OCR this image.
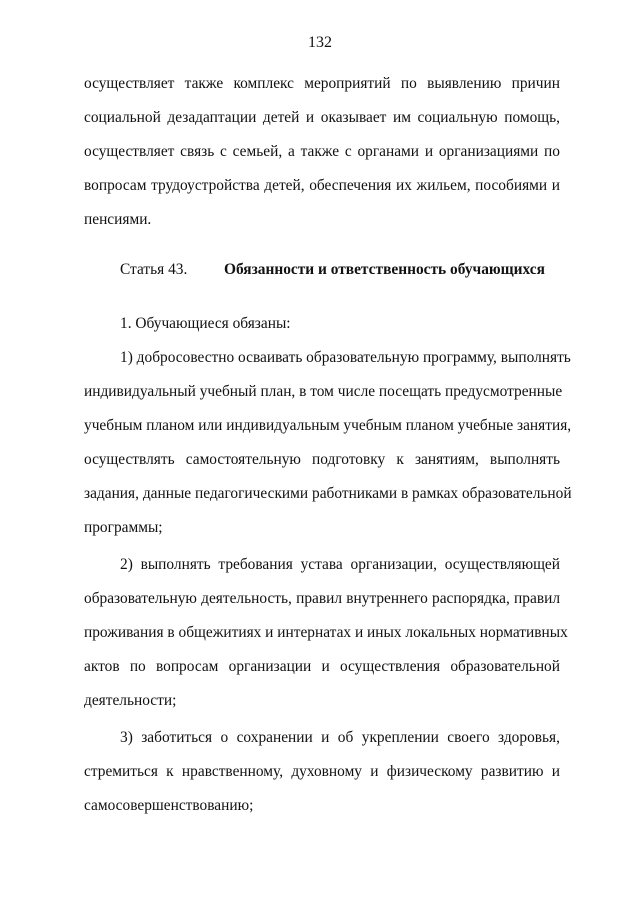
132
осуществляет также комплекс мероприятий по выявлению причин
социальной дезадаптации детей и оказывает им социальную помощь,
осуществляет связь с семьей, а также с органами и организациями по
вопросам трудоустройства детей, обеспечения их жильем, пособиями и
пенсиями.
Статья 43. Обязанности и ответственность обучающихся
1. Обучающиеся обязаны:
1) добросовестно осваивать образовательную программу, выполнять
индивидуальный учебный план, в том числе посещать предусмотренные
учебным планом или индивидуальным учебным планом учебные занятия,
осуществлять самостоятельную подготовку к занятиям, выполнять
задания, данные педагогическими работниками в рамках образовательной
программы;
2) выполнять требования устава организации, осуществляющей
образовательную деятельность, правил внутреннего распорядка, правил
проживания в общежитиях и интернатах и иных локальных нормативных
актов по вопросам организации и осуществления образовательной
деятельности;
3) заботиться о сохранении и об укреплении своего здоровья,
стремиться к нравственному, духовному и физическому развитию и
самосовершенствованию;
